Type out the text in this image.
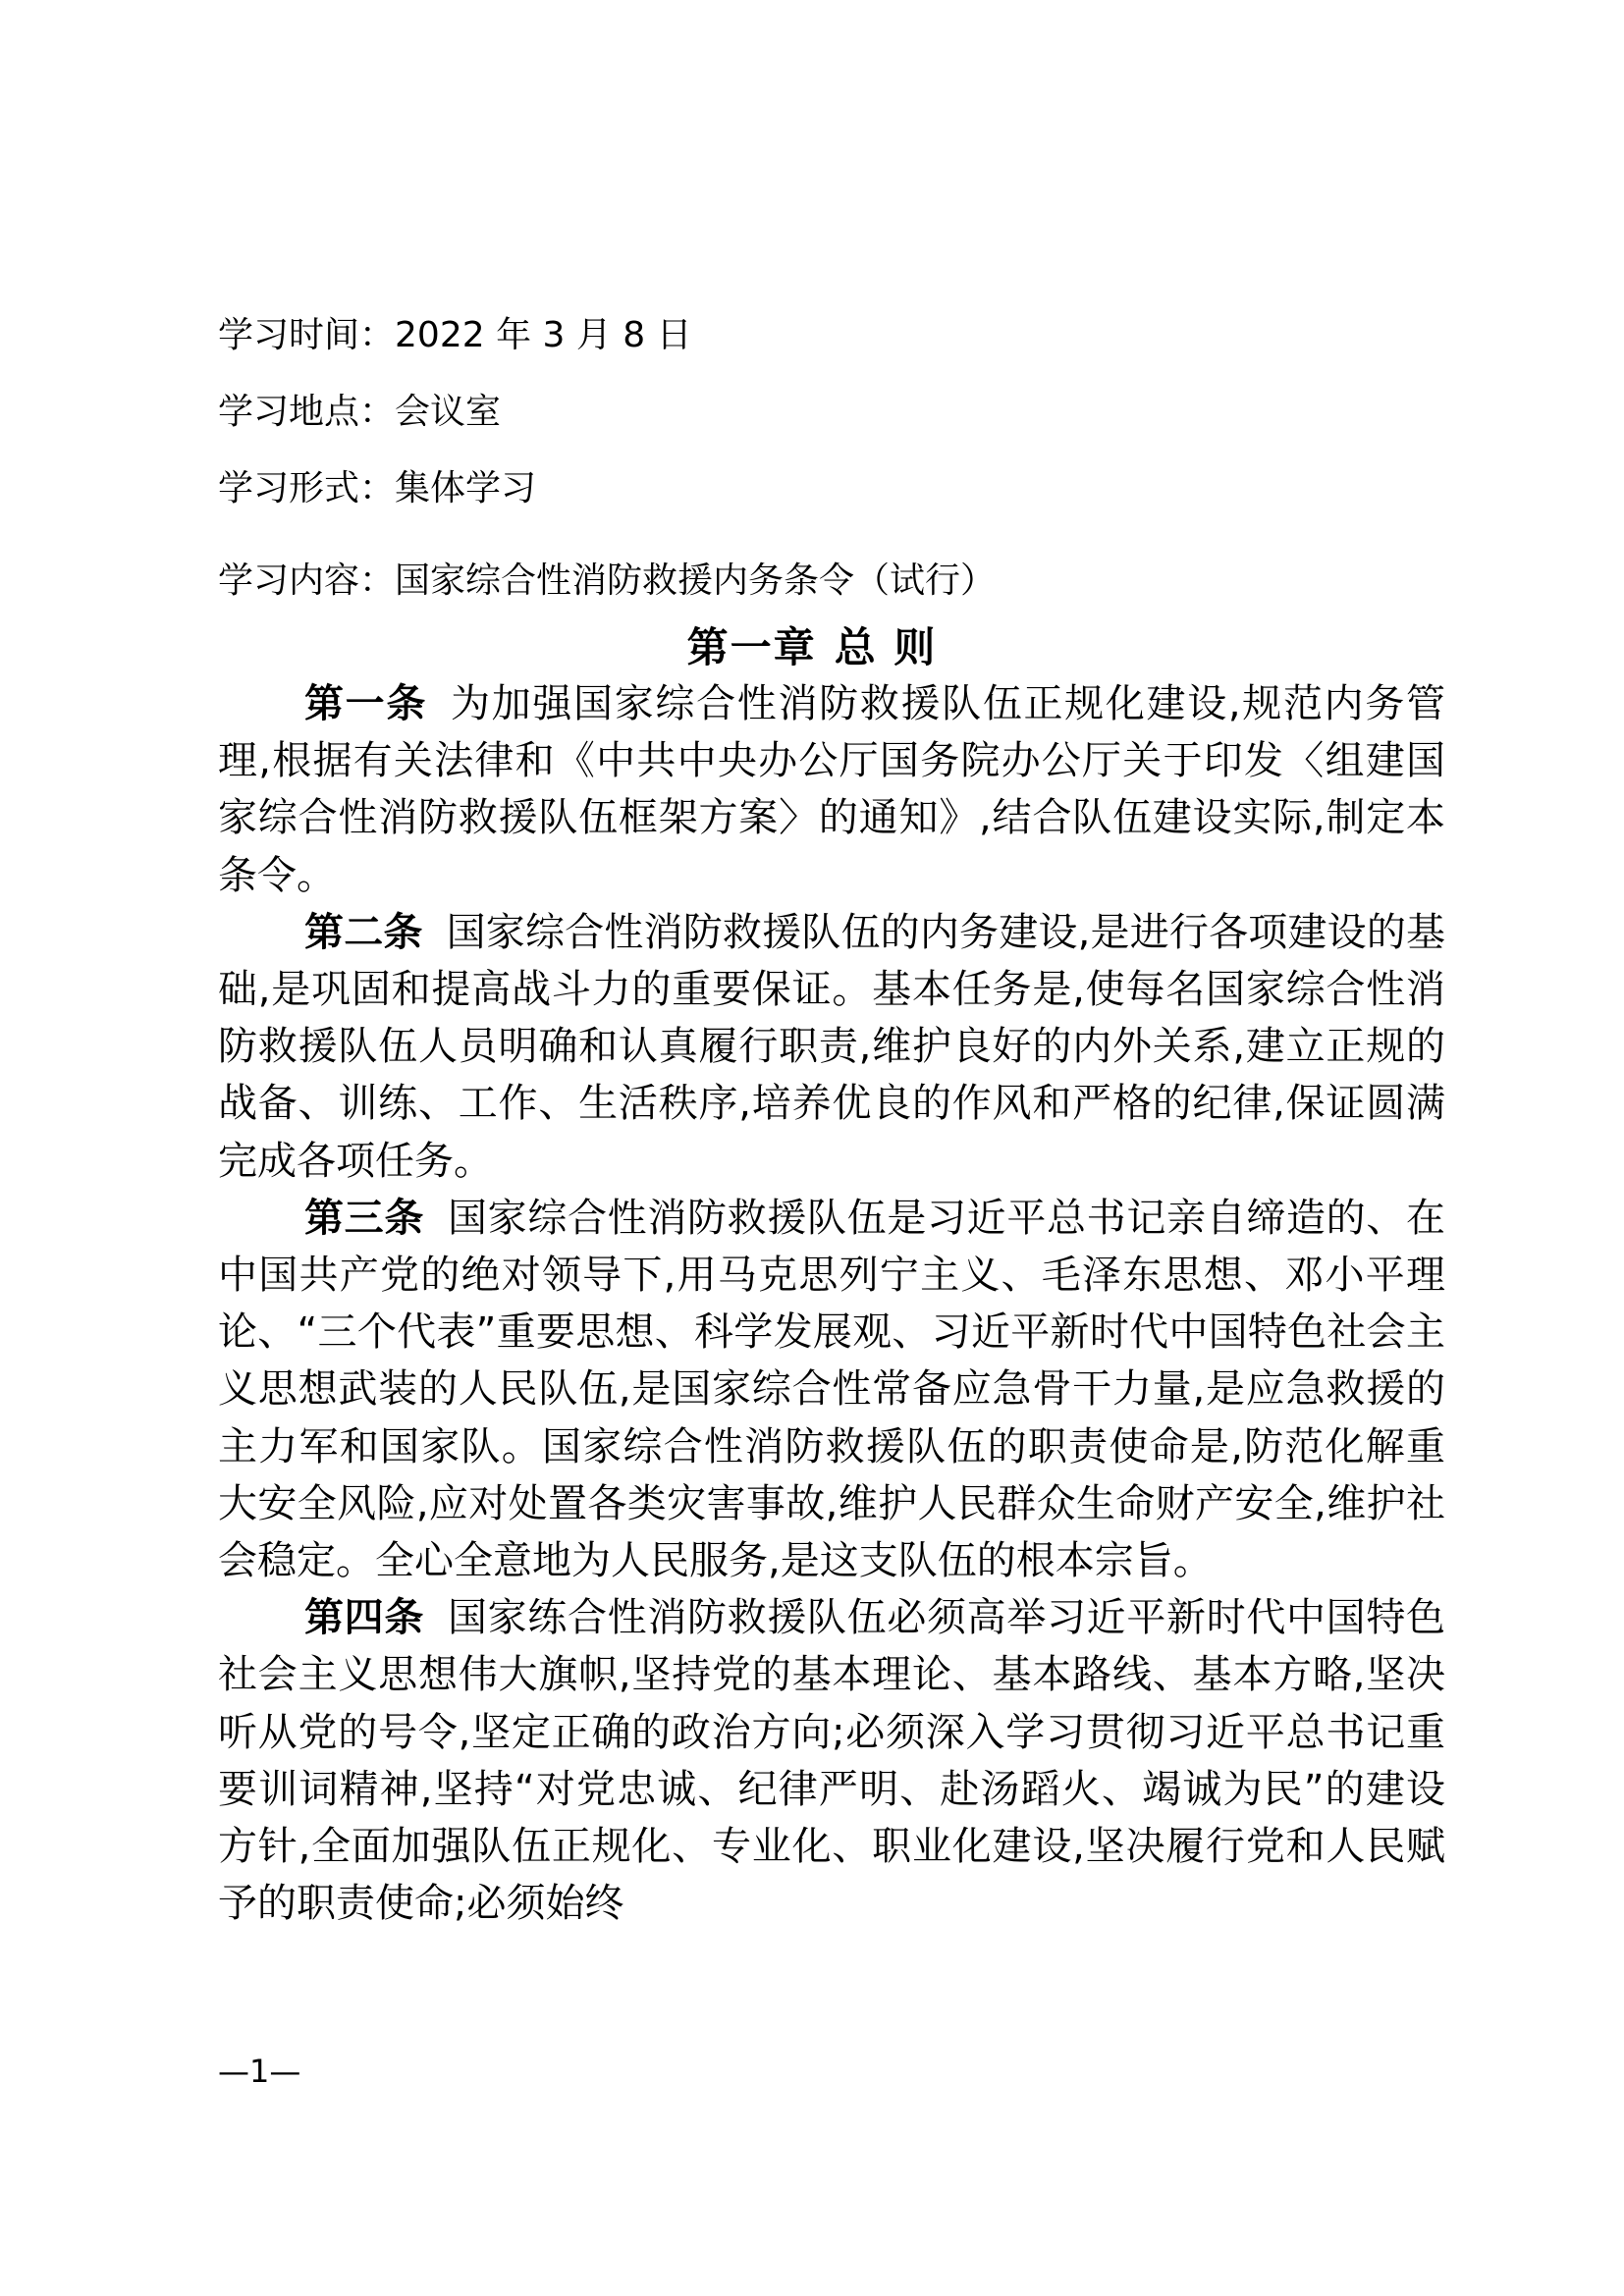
学习时间：2022 年 3 月 8 日
学习地点：会议室
学习形式：集体学习
学习内容：国家综合性消防救援内务条令（试行）
第一章 总 则

第一条 为加强国家综合性消防救援队伍正规化建设,规范内务管理,根据有关法律和《中共中央办公厅国务院办公厅关于印发〈组建国家综合性消防救援队伍框架方案〉的通知》,结合队伍建设实际,制定本条令。

第二条 国家综合性消防救援队伍的内务建设,是进行各项建设的基础,是巩固和提高战斗力的重要保证。基本任务是,使每名国家综合性消防救援队伍人员明确和认真履行职责,维护良好的内外关系,建立正规的战备、训练、工作、生活秩序,培养优良的作风和严格的纪律,保证圆满完成各项任务。

第三条 国家综合性消防救援队伍是习近平总书记亲自缔造的、在中国共产党的绝对领导下,用马克思列宁主义、毛泽东思想、邓小平理论、“三个代表”重要思想、科学发展观、习近平新时代中国特色社会主义思想武装的人民队伍,是国家综合性常备应急骨干力量,是应急救援的主力军和国家队。国家综合性消防救援队伍的职责使命是,防范化解重大安全风险,应对处置各类灾害事故,维护人民群众生命财产安全,维护社会稳定。全心全意地为人民服务,是这支队伍的根本宗旨。

第四条 国家练合性消防救援队伍必须高举习近平新时代中国特色社会主义思想伟大旗帜,坚持党的基本理论、基本路线、基本方略,坚决听从党的号令,坚定正确的政治方向;必须深入学习贯彻习近平总书记重要训词精神,坚持“对党忠诚、纪律严明、赴汤蹈火、竭诚为民”的建设方针,全面加强队伍正规化、专业化、职业化建设,坚决履行党和人民赋予的职责使命;必须始终

—1—
